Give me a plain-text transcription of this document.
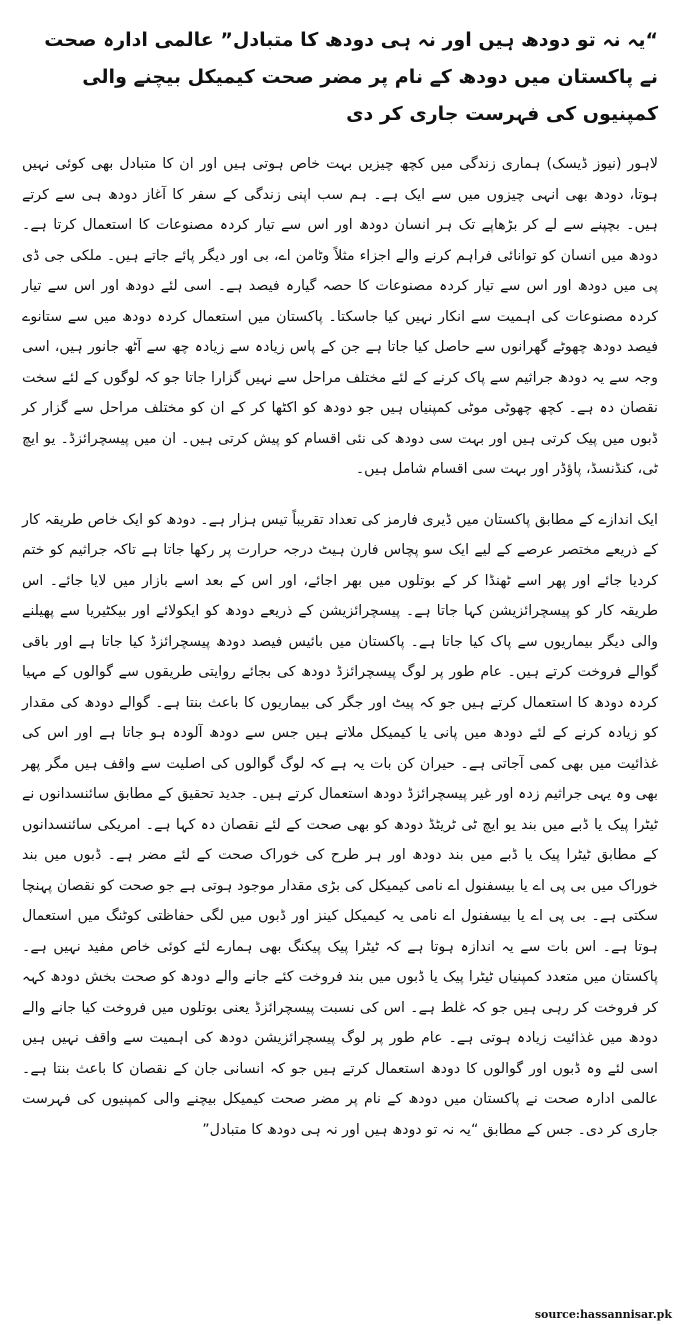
“یہ نہ تو دودھ ہیں اور نہ ہی دودھ کا متبادل” عالمی ادارہ صحت نے پاکستان میں دودھ کے نام پر مضر صحت کیمیکل بیچنے والی کمپنیوں کی فہرست جاری کر دی

لاہور (نیوز ڈیسک) ہماری زندگی میں کچھ چیزیں بہت خاص ہوتی ہیں اور ان کا متبادل بھی کوئی نہیں ہوتا، دودھ بھی انہی چیزوں میں سے ایک ہے۔ ہم سب اپنی زندگی کے سفر کا آغاز دودھ ہی سے کرتے ہیں۔ بچپنے سے لے کر بڑھاپے تک ہر انسان دودھ اور اس سے تیار کردہ مصنوعات کا استعمال کرتا ہے۔ دودھ میں انسان کو توانائی فراہم کرنے والے اجزاء مثلاً وٹامن اے، بی اور دیگر پائے جاتے ہیں۔ ملکی جی ڈی پی میں دودھ اور اس سے تیار کردہ مصنوعات کا حصہ گیارہ فیصد ہے۔ اسی لئے دودھ اور اس سے تیار کردہ مصنوعات کی اہمیت سے انکار نہیں کیا جاسکتا۔ پاکستان میں استعمال کردہ دودھ میں سے ستانوے فیصد دودھ چھوٹے گھرانوں سے حاصل کیا جاتا ہے جن کے پاس زیادہ سے زیادہ چھ سے آٹھ جانور ہیں، اسی وجہ سے یہ دودھ جراثیم سے پاک کرنے کے لئے مختلف مراحل سے نہیں گزارا جاتا جو کہ لوگوں کے لئے سخت نقصان دہ ہے۔ کچھ چھوٹی موٹی کمپنیاں ہیں جو دودھ کو اکٹھا کر کے ان کو مختلف مراحل سے گزار کر ڈبوں میں پیک کرتی ہیں اور بہت سی دودھ کی نئی اقسام کو پیش کرتی ہیں۔ ان میں پیسچرائزڈ۔ یو ایچ ٹی، کنڈنسڈ، پاؤڈر اور بہت سی اقسام شامل ہیں۔

ایک اندازے کے مطابق پاکستان میں ڈیری فارمز کی تعداد تقریباً تیس ہزار ہے۔ دودھ کو ایک خاص طریقہ کار کے ذریعے مختصر عرصے کے لیے ایک سو پچاس فارن ہیٹ درجہ حرارت پر رکھا جاتا ہے تاکہ جراثیم کو ختم کردیا جائے اور پھر اسے ٹھنڈا کر کے بوتلوں میں بھر اجائے، اور اس کے بعد اسے بازار میں لایا جائے۔ اس طریقہ کار کو پیسچرائزیشن کہا جاتا ہے۔ پیسچرائزیشن کے ذریعے دودھ کو ایکولائے اور بیکٹیریا سے پھیلنے والی دیگر بیماریوں سے پاک کیا جاتا ہے۔ پاکستان میں بائیس فیصد دودھ پیسچرائزڈ کیا جاتا ہے اور باقی گوالے فروخت کرتے ہیں۔ عام طور پر لوگ پیسچرائزڈ دودھ کی بجائے روایتی طریقوں سے گوالوں کے مہیا کردہ دودھ کا استعمال کرتے ہیں جو کہ پیٹ اور جگر کی بیماریوں کا باعث بنتا ہے۔ گوالے دودھ کی مقدار کو زیادہ کرنے کے لئے دودھ میں پانی یا کیمیکل ملاتے ہیں جس سے دودھ آلودہ ہو جاتا ہے اور اس کی غذائیت میں بھی کمی آجاتی ہے۔ حیران کن بات یہ ہے کہ لوگ گوالوں کی اصلیت سے واقف ہیں مگر پھر بھی وہ یہی جراثیم زدہ اور غیر پیسچرائزڈ دودھ استعمال کرتے ہیں۔ جدید تحقیق کے مطابق سائنسدانوں نے ٹیٹرا پیک یا ڈبے میں بند یو ایچ ٹی ٹریٹڈ دودھ کو بھی صحت کے لئے نقصان دہ کہا ہے۔ امریکی سائنسدانوں کے مطابق ٹیٹرا پیک یا ڈبے میں بند دودھ اور ہر طرح کی خوراک صحت کے لئے مضر ہے۔ ڈبوں میں بند خوراک میں بی پی اے یا بیسفنول اے نامی کیمیکل کی بڑی مقدار موجود ہوتی ہے جو صحت کو نقصان پہنچا سکتی ہے۔ بی پی اے یا بیسفنول اے نامی یہ کیمیکل کینز اور ڈبوں میں لگی حفاظتی کوٹنگ میں استعمال ہوتا ہے۔ اس بات سے یہ اندازہ ہوتا ہے کہ ٹیٹرا پیک پیکنگ بھی ہمارے لئے کوئی خاص مفید نہیں ہے۔ پاکستان میں متعدد کمپنیاں ٹیٹرا پیک یا ڈبوں میں بند فروخت کئے جانے والے دودھ کو صحت بخش دودھ کہہ کر فروخت کر رہی ہیں جو کہ غلط ہے۔ اس کی نسبت پیسچرائزڈ یعنی بوتلوں میں فروخت کیا جانے والے دودھ میں غذائیت زیادہ ہوتی ہے۔ عام طور پر لوگ پیسچرائزیشن دودھ کی اہمیت سے واقف نہیں ہیں اسی لئے وہ ڈبوں اور گوالوں کا دودھ استعمال کرتے ہیں جو کہ انسانی جان کے نقصان کا باعث بنتا ہے۔ عالمی ادارہ صحت نے پاکستان میں دودھ کے نام پر مضر صحت کیمیکل بیچنے والی کمپنیوں کی فہرست جاری کر دی۔ جس کے مطابق “یہ نہ تو دودھ ہیں اور نہ ہی دودھ کا متبادل”

source:hassannisar.pk
